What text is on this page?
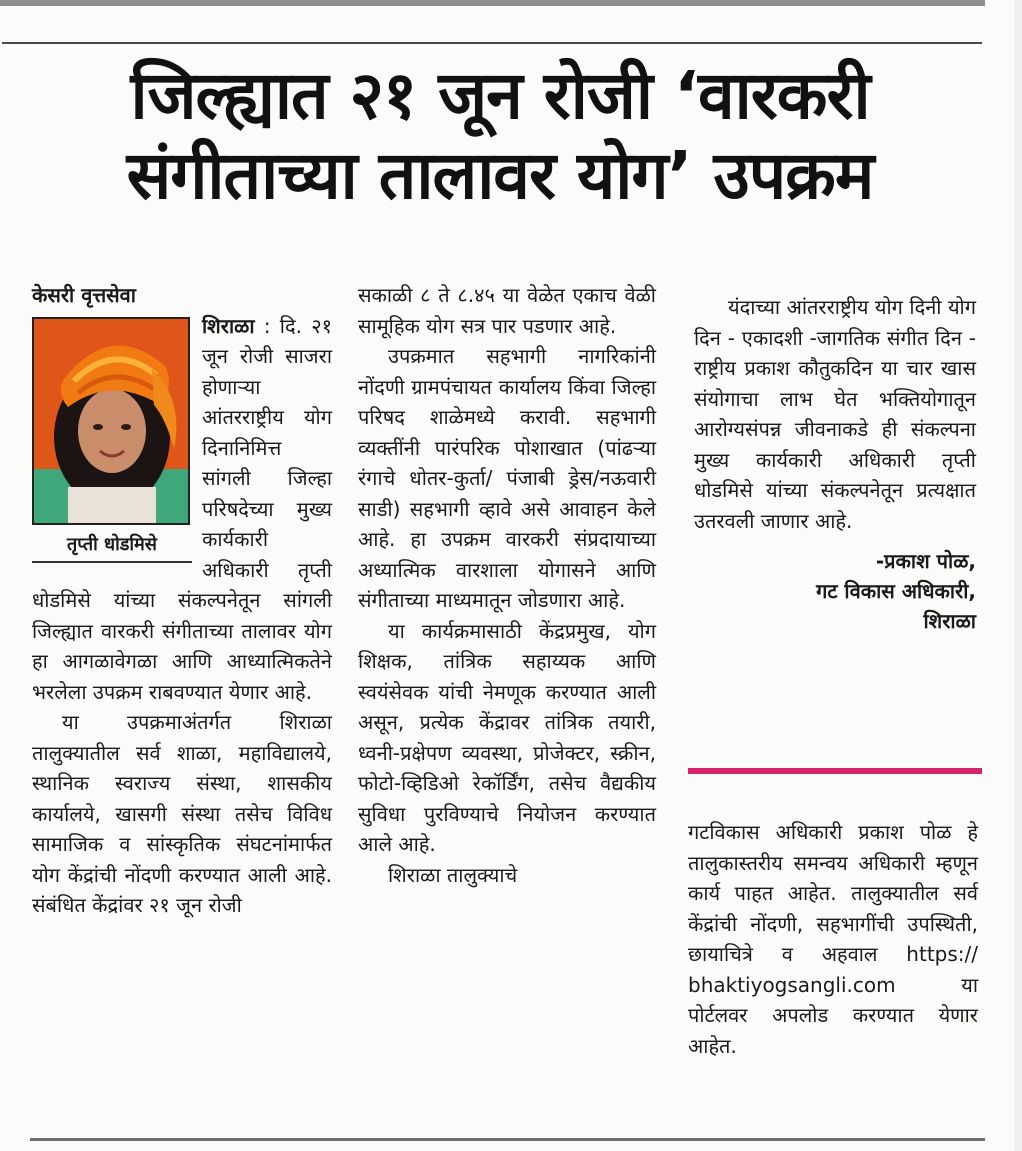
जिल्ह्यात २१ जून रोजी ‘वारकरी
संगीताच्या तालावर योग’ उपक्रम
केसरी वृत्तसेवा
तृप्ती धोडमिसे

शिराळा : दि. २१ जून रोजी साजरा होणाऱ्या आंतरराष्ट्रीय योग दिनानिमित्त सांगली जिल्हा परिषदेच्या मुख्य कार्यकारी अधिकारी तृप्ती धोडमिसे यांच्या संकल्पनेतून सांगली जिल्ह्यात वारकरी संगीताच्या तालावर योग हा आगळावेगळा आणि आध्यात्मिकतेने भरलेला उपक्रम राबवण्यात येणार आहे.

या उपक्रमाअंतर्गत शिराळा तालुक्यातील सर्व शाळा, महाविद्यालये, स्थानिक स्वराज्य संस्था, शासकीय कार्यालये, खासगी संस्था तसेच विविध सामाजिक व सांस्कृतिक संघटनांमार्फत योग केंद्रांची नोंदणी करण्यात आली आहे. संबंधित केंद्रांवर २१ जून रोजी

सकाळी ८ ते ८.४५ या वेळेत एकाच वेळी सामूहिक योग सत्र पार पडणार आहे.

उपक्रमात सहभागी नागरिकांनी नोंदणी ग्रामपंचायत कार्यालय किंवा जिल्हा परिषद शाळेमध्ये करावी. सहभागी व्यक्तींनी पारंपरिक पोशाखात (पांढऱ्या रंगाचे धोतर-कुर्ता/ पंजाबी ड्रेस/नऊवारी साडी) सहभागी व्हावे असे आवाहन केले आहे. हा उपक्रम वारकरी संप्रदायाच्या अध्यात्मिक वारशाला योगासने आणि संगीताच्या माध्यमातून जोडणारा आहे.

या कार्यक्रमासाठी केंद्रप्रमुख, योग शिक्षक, तांत्रिक सहाय्यक आणि स्वयंसेवक यांची नेमणूक करण्यात आली असून, प्रत्येक केंद्रावर तांत्रिक तयारी, ध्वनी-प्रक्षेपण व्यवस्था, प्रोजेक्टर, स्क्रीन, फोटो-व्हिडिओ रेकॉर्डिंग, तसेच वैद्यकीय सुविधा पुरविण्याचे नियोजन करण्यात आले आहे.

शिराळा तालुक्याचे

यंदाच्या आंतरराष्ट्रीय योग दिनी योग दिन - एकादशी -जागतिक संगीत दिन - राष्ट्रीय प्रकाश कौतुकदिन या चार खास संयोगाचा लाभ घेत भक्तियोगातून आरोग्यसंपन्न जीवनाकडे ही संकल्पना मुख्य कार्यकारी अधिकारी तृप्ती धोडमिसे यांच्या संकल्पनेतून प्रत्यक्षात उतरवली जाणार आहे.

-प्रकाश पोळ,
गट विकास अधिकारी,
शिराळा

गटविकास अधिकारी प्रकाश पोळ हे तालुकास्तरीय समन्वय अधिकारी म्हणून कार्य पाहत आहेत. तालुक्यातील सर्व केंद्रांची नोंदणी, सहभागींची उपस्थिती, छायाचित्रे व अहवाल https:// bhaktiyogsangli.com या पोर्टलवर अपलोड करण्यात येणार आहेत.
